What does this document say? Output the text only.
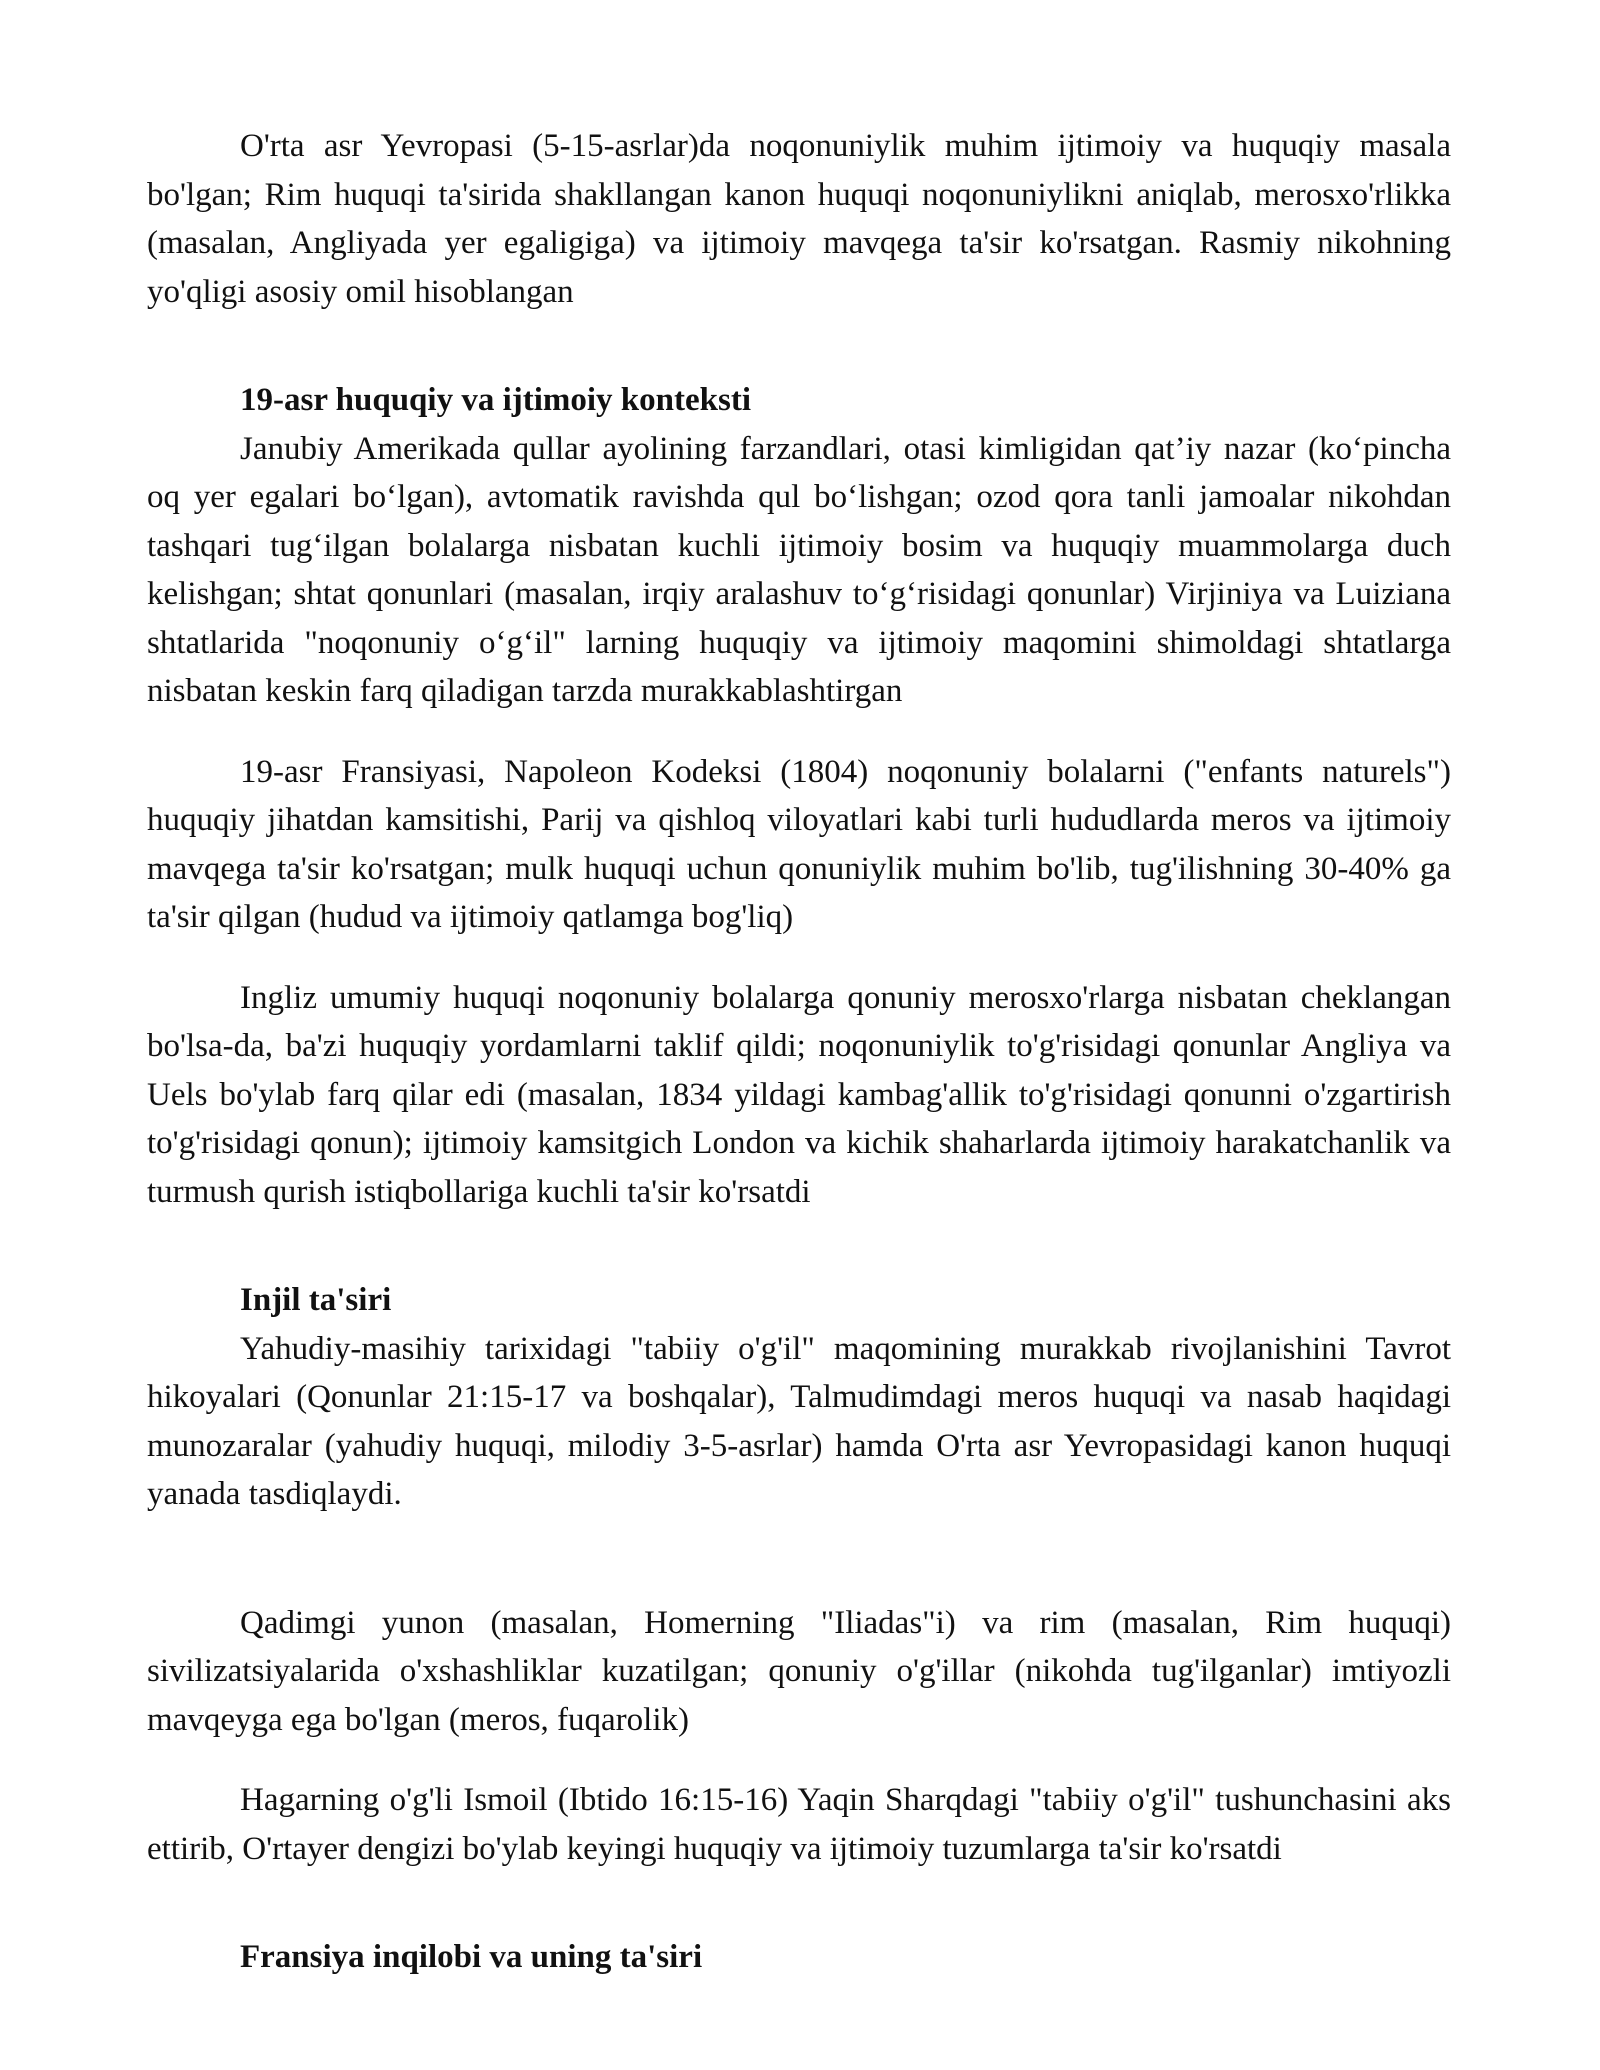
O'rta asr Yevropasi (5-15-asrlar)da noqonuniylik muhim ijtimoiy va huquqiy masala bo'lgan; Rim huquqi ta'sirida shakllangan kanon huquqi noqonuniylikni aniqlab, merosxo'rlikka (masalan, Angliyada yer egaligiga) va ijtimoiy mavqega ta'sir ko'rsatgan. Rasmiy nikohning yo'qligi asosiy omil hisoblangan

19-asr huquqiy va ijtimoiy konteksti

Janubiy Amerikada qullar ayolining farzandlari, otasi kimligidan qat’iy nazar (ko‘pincha oq yer egalari bo‘lgan), avtomatik ravishda qul bo‘lishgan; ozod qora tanli jamoalar nikohdan tashqari tug‘ilgan bolalarga nisbatan kuchli ijtimoiy bosim va huquqiy muammolarga duch kelishgan; shtat qonunlari (masalan, irqiy aralashuv to‘g‘risidagi qonunlar) Virjiniya va Luiziana shtatlarida "noqonuniy o‘g‘il" larning huquqiy va ijtimoiy maqomini shimoldagi shtatlarga nisbatan keskin farq qiladigan tarzda murakkablashtirgan

19-asr Fransiyasi, Napoleon Kodeksi (1804) noqonuniy bolalarni ("enfants naturels") huquqiy jihatdan kamsitishi, Parij va qishloq viloyatlari kabi turli hududlarda meros va ijtimoiy mavqega ta'sir ko'rsatgan; mulk huquqi uchun qonuniylik muhim bo'lib, tug'ilishning 30-40% ga ta'sir qilgan (hudud va ijtimoiy qatlamga bog'liq)

Ingliz umumiy huquqi noqonuniy bolalarga qonuniy merosxo'rlarga nisbatan cheklangan bo'lsa-da, ba'zi huquqiy yordamlarni taklif qildi; noqonuniylik to'g'risidagi qonunlar Angliya va Uels bo'ylab farq qilar edi (masalan, 1834 yildagi kambag'allik to'g'risidagi qonunni o'zgartirish to'g'risidagi qonun); ijtimoiy kamsitgich London va kichik shaharlarda ijtimoiy harakatchanlik va turmush qurish istiqbollariga kuchli ta'sir ko'rsatdi

Injil ta'siri

Yahudiy-masihiy tarixidagi "tabiiy o'g'il" maqomining murakkab rivojlanishini Tavrot hikoyalari (Qonunlar 21:15-17 va boshqalar), Talmudimdagi meros huquqi va nasab haqidagi munozaralar (yahudiy huquqi, milodiy 3-5-asrlar) hamda O'rta asr Yevropasidagi kanon huquqi yanada tasdiqlaydi.

Qadimgi yunon (masalan, Homerning "Iliadas"i) va rim (masalan, Rim huquqi) sivilizatsiyalarida o'xshashliklar kuzatilgan; qonuniy o'g'illar (nikohda tug'ilganlar) imtiyozli mavqeyga ega bo'lgan (meros, fuqarolik)

Hagarning o'g'li Ismoil (Ibtido 16:15-16) Yaqin Sharqdagi "tabiiy o'g'il" tushunchasini aks ettirib, O'rtayer dengizi bo'ylab keyingi huquqiy va ijtimoiy tuzumlarga ta'sir ko'rsatdi

Fransiya inqilobi va uning ta'siri
